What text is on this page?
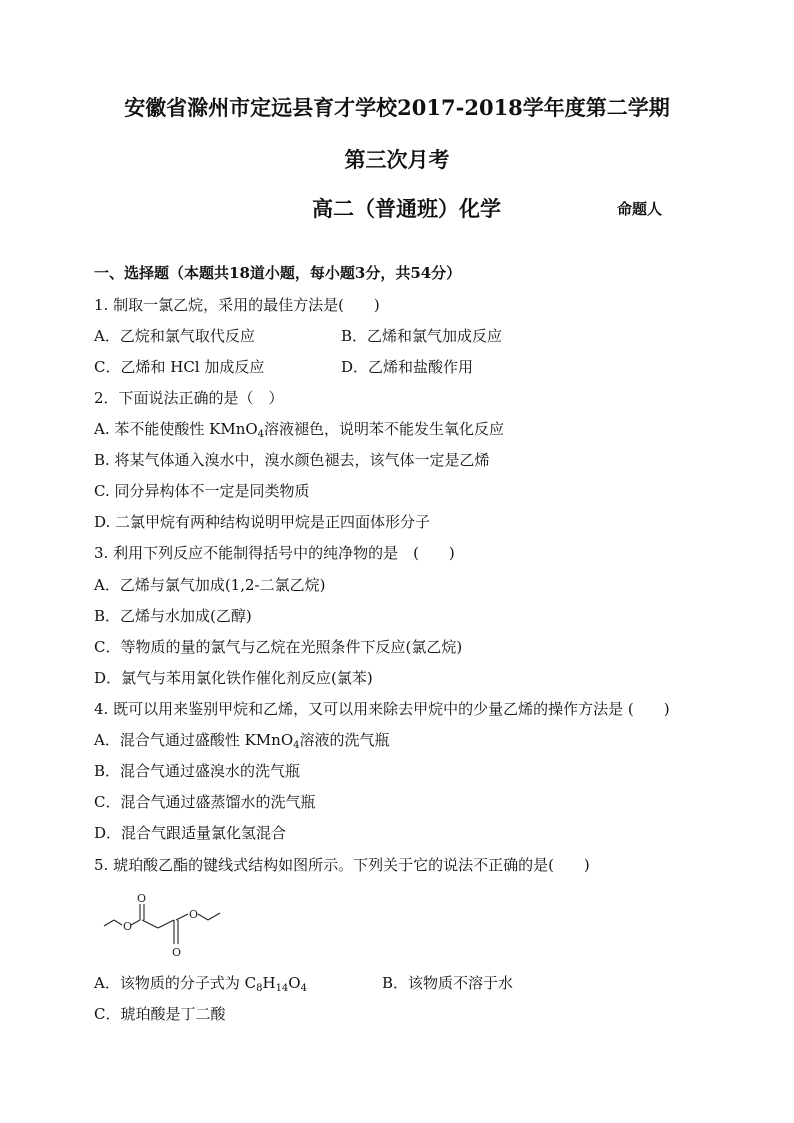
安徽省滁州市定远县育才学校2017-2018学年度第二学期
第三次月考
高二（普通班）化学	命题人
一、选择题（本题共18道小题，每小题3分，共54分）
1. 制取一氯乙烷，采用的最佳方法是(　　)
A．乙烷和氯气取代反应	B．乙烯和氯气加成反应
C．乙烯和 HCl 加成反应	D．乙烯和盐酸作用
2．下面说法正确的是（　）
A. 苯不能使酸性 KMnO$_4$溶液褪色，说明苯不能发生氧化反应
B. 将某气体通入溴水中，溴水颜色褪去，该气体一定是乙烯
C. 同分异构体不一定是同类物质
D. 二氯甲烷有两种结构说明甲烷是正四面体形分子
3. 利用下列反应不能制得括号中的纯净物的是　(　　)
A．乙烯与氯气加成(1,2-二氯乙烷)
B．乙烯与水加成(乙醇)
C．等物质的量的氯气与乙烷在光照条件下反应(氯乙烷)
D．氯气与苯用氯化铁作催化剂反应(氯苯)
4. 既可以用来鉴别甲烷和乙烯，又可以用来除去甲烷中的少量乙烯的操作方法是 (　　)
A．混合气通过盛酸性 KMnO$_4$溶液的洗气瓶
B．混合气通过盛溴水的洗气瓶
C．混合气通过盛蒸馏水的洗气瓶
D．混合气跟适量氯化氢混合
5. 琥珀酸乙酯的键线式结构如图所示。下列关于它的说法不正确的是(　　)
O
O
O
O
A．该物质的分子式为 $C_8H_{14}O_4$	B．该物质不溶于水
C．琥珀酸是丁二酸
